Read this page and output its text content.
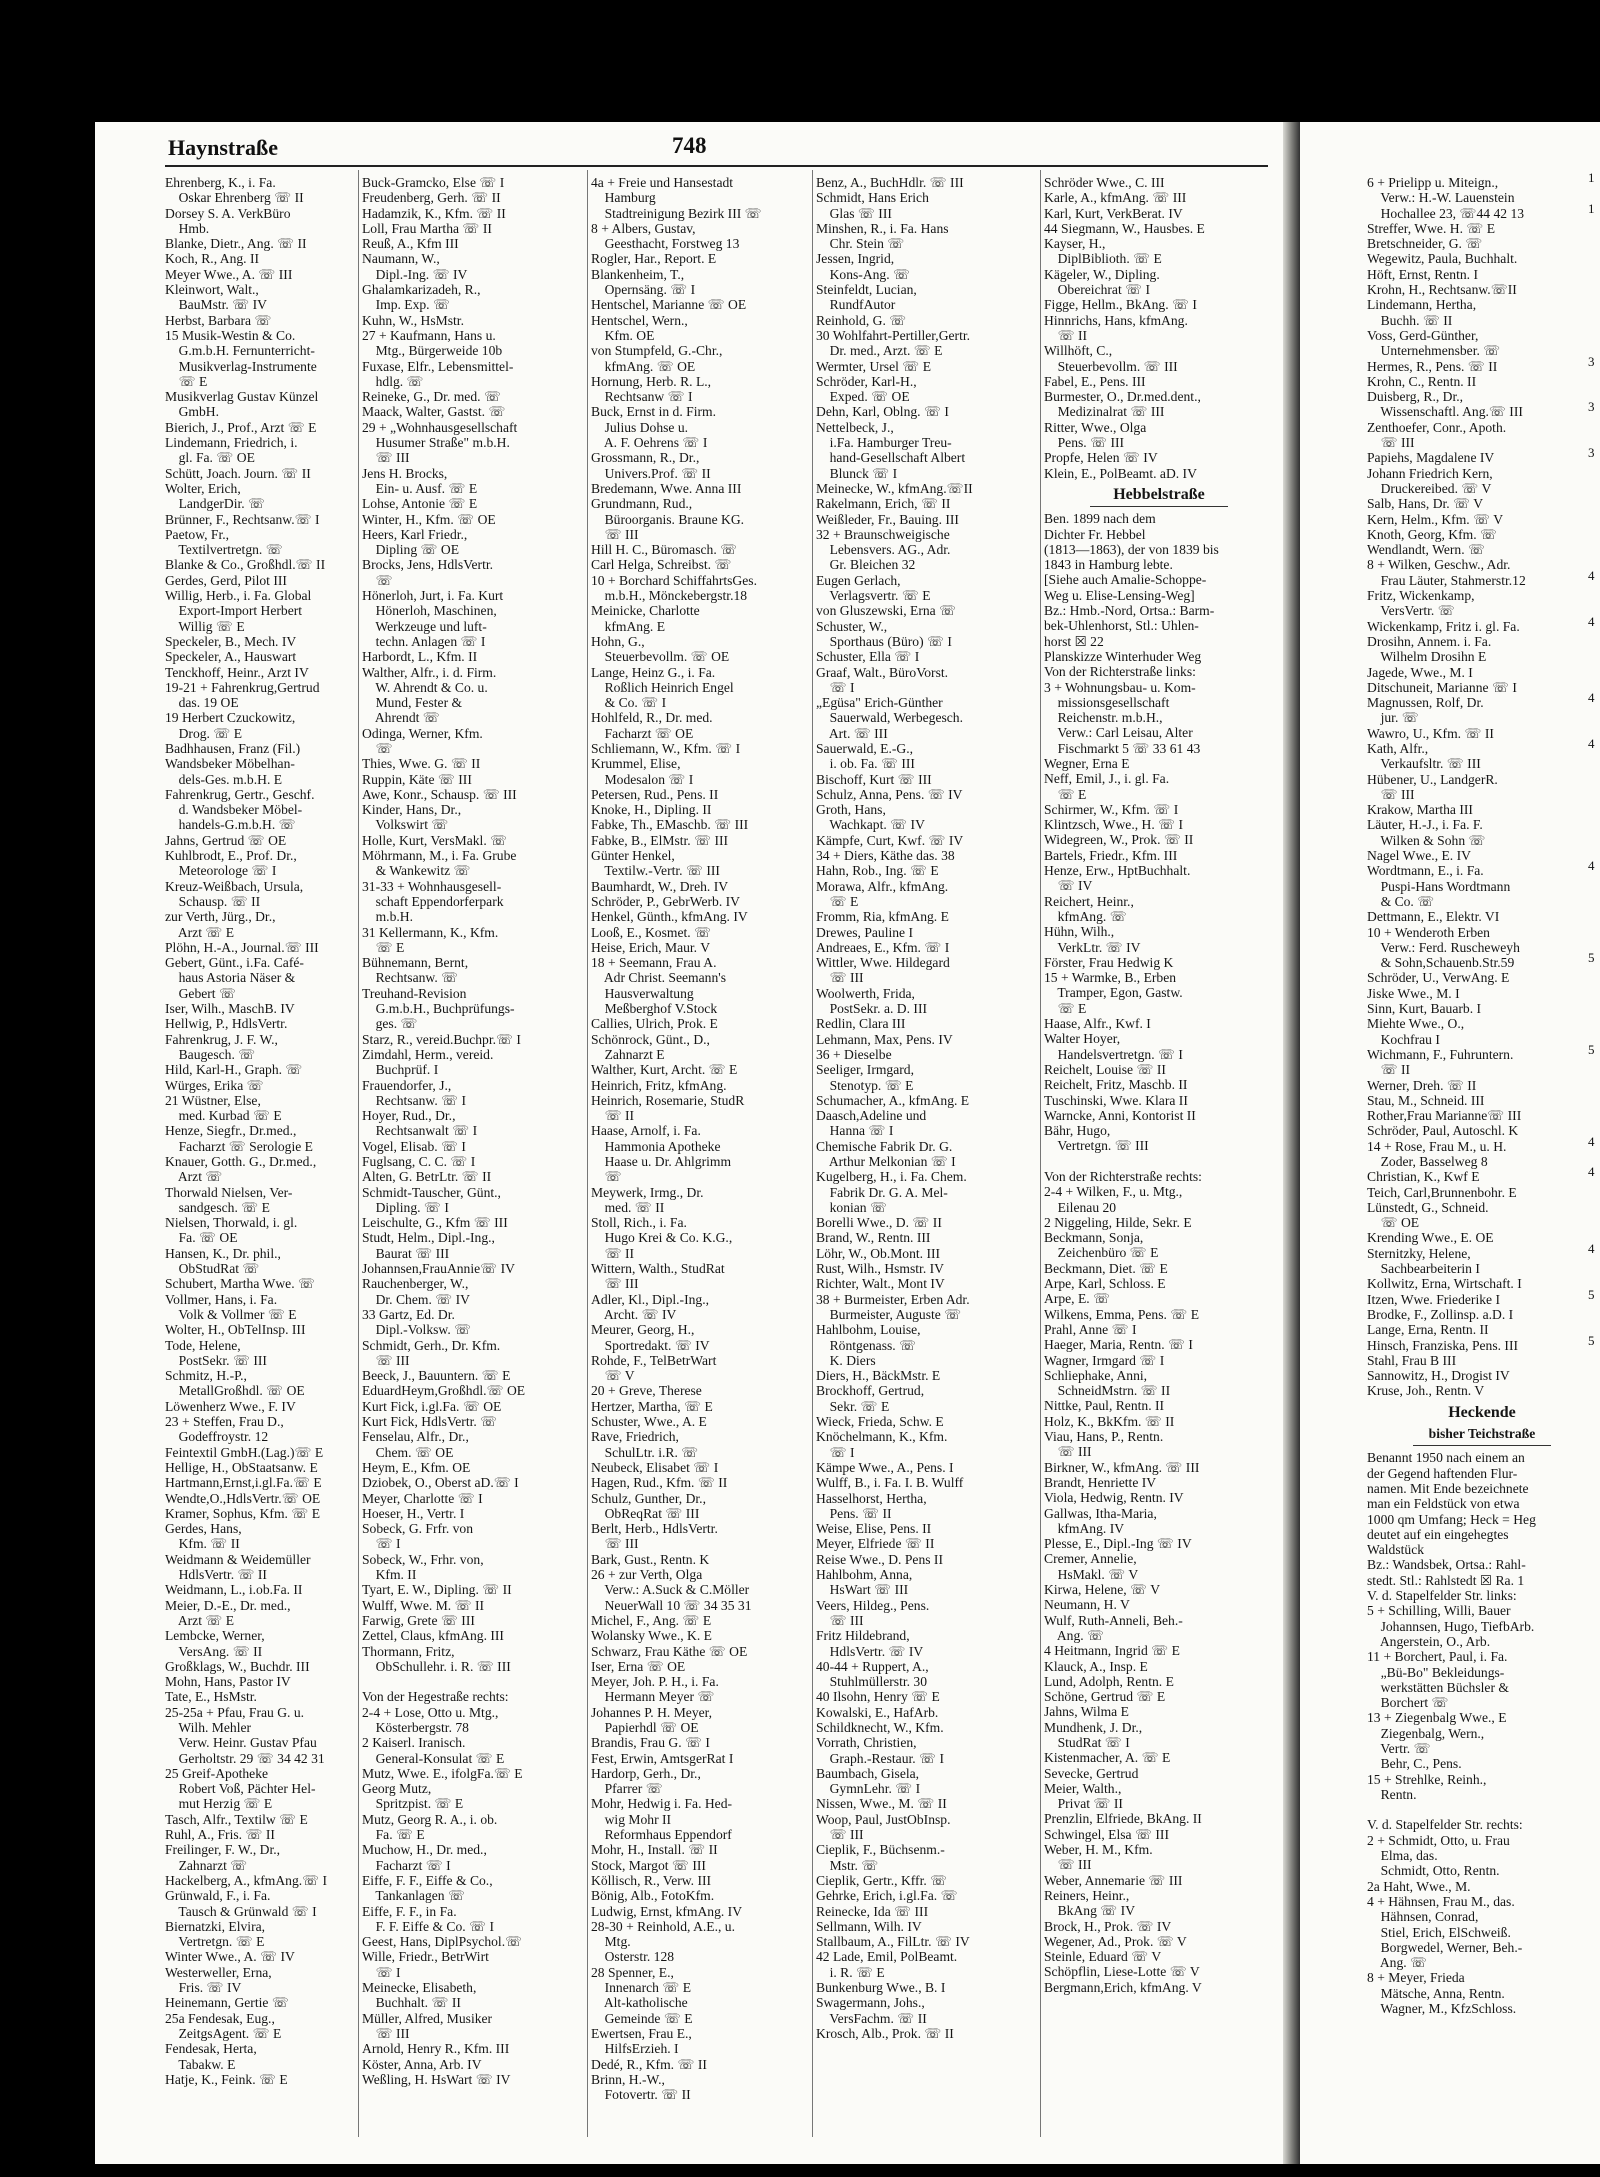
Haynstraße	748
Ehrenberg, K., i. Fa.
Oskar Ehrenberg ☏ II
Dorsey S. A. VerkBüro
Hmb.
Blanke, Dietr., Ang. ☏ II
Koch, R., Ang. II
Meyer Wwe., A. ☏ III
Kleinwort, Walt.,
BauMstr. ☏ IV
Herbst, Barbara ☏
15 Musik-Westin & Co.
G.m.b.H. Fernunterricht-
Musikverlag-Instrumente
☏ E
Musikverlag Gustav Künzel
GmbH.
Bierich, J., Prof., Arzt ☏ E
Lindemann, Friedrich, i.
gl. Fa. ☏ OE
Schütt, Joach. Journ. ☏ II
Wolter, Erich,
LandgerDir. ☏
Brünner, F., Rechtsanw.☏ I
Paetow, Fr.,
Textilvertretgn. ☏
Blanke & Co., Großhdl.☏ II
Gerdes, Gerd, Pilot III
Willig, Herb., i. Fa. Global
Export-Import Herbert
Willig ☏ E
Speckeler, B., Mech. IV
Speckeler, A., Hauswart
Tenckhoff, Heinr., Arzt IV
19-21 + Fahrenkrug,Gertrud
das. 19 OE
19 Herbert Czuckowitz,
Drog. ☏ E
Badhhausen, Franz (Fil.)
Wandsbeker Möbelhan-
dels-Ges. m.b.H. E
Fahrenkrug, Gertr., Geschf.
d. Wandsbeker Möbel-
handels-G.m.b.H. ☏
Jahns, Gertrud ☏ OE
Kuhlbrodt, E., Prof. Dr.,
Meteorologe ☏ I
Kreuz-Weißbach, Ursula,
Schausp. ☏ II
zur Verth, Jürg., Dr.,
Arzt ☏ E
Plöhn, H.-A., Journal.☏ III
Gebert, Günt., i.Fa. Café-
haus Astoria Näser &
Gebert ☏
Iser, Wilh., MaschB. IV
Hellwig, P., HdlsVertr.
Fahrenkrug, J. F. W.,
Baugesch. ☏
Hild, Karl-H., Graph. ☏
Würges, Erika ☏
21 Wüstner, Else,
med. Kurbad ☏ E
Henze, Siegfr., Dr.med.,
Facharzt ☏ Serologie E
Knauer, Gotth. G., Dr.med.,
Arzt ☏
Thorwald Nielsen, Ver-
sandgesch. ☏ E
Nielsen, Thorwald, i. gl.
Fa. ☏ OE
Hansen, K., Dr. phil.,
ObStudRat ☏
Schubert, Martha Wwe. ☏
Vollmer, Hans, i. Fa.
Volk & Vollmer ☏ E
Wolter, H., ObTelInsp. III
Tode, Helene,
PostSekr. ☏ III
Schmitz, H.-P.,
MetallGroßhdl. ☏ OE
Löwenherz Wwe., F. IV
23 + Steffen, Frau D.,
Godeffroystr. 12
Feintextil GmbH.(Lag.)☏ E
Hellige, H., ObStaatsanw. E
Hartmann,Ernst,i.gl.Fa.☏ E
Wendte,O.,HdlsVertr.☏ OE
Kramer, Sophus, Kfm. ☏ E
Gerdes, Hans,
Kfm. ☏ II
Weidmann & Weidemüller
HdlsVertr. ☏ II
Weidmann, L., i.ob.Fa. II
Meier, D.-E., Dr. med.,
Arzt ☏ E
Lembcke, Werner,
VersAng. ☏ II
Großklags, W., Buchdr. III
Mohn, Hans, Pastor IV
Tate, E., HsMstr.
25-25a + Pfau, Frau G. u.
Wilh. Mehler
Verw. Heinr. Gustav Pfau
Gerholtstr. 29 ☏ 34 42 31
25 Greif-Apotheke
Robert Voß, Pächter Hel-
mut Herzig ☏ E
Tasch, Alfr., Textilw ☏ E
Ruhl, A., Fris. ☏ II
Freilinger, F. W., Dr.,
Zahnarzt ☏
Hackelberg, A., kfmAng.☏ I
Grünwald, F., i. Fa.
Tausch & Grünwald ☏ I
Biernatzki, Elvira,
Vertretgn. ☏ E
Winter Wwe., A. ☏ IV
Westerweller, Erna,
Fris. ☏ IV
Heinemann, Gertie ☏
25a Fendesak, Eug.,
ZeitgsAgent. ☏ E
Fendesak, Herta,
Tabakw. E
Hatje, K., Feink. ☏ E
Buck-Gramcko, Else ☏ I
Freudenberg, Gerh. ☏ II
Hadamzik, K., Kfm. ☏ II
Loll, Frau Martha ☏ II
Reuß, A., Kfm III
Naumann, W.,
Dipl.-Ing. ☏ IV
Ghalamkarizadeh, R.,
Imp. Exp. ☏
Kuhn, W., HsMstr.
27 + Kaufmann, Hans u.
Mtg., Bürgerweide 10b
Fuxase, Elfr., Lebensmittel-
hdlg. ☏
Reineke, G., Dr. med. ☏
Maack, Walter, Gastst. ☏
29 + „Wohnhausgesellschaft
Husumer Straße" m.b.H.
☏ III
Jens H. Brocks,
Ein- u. Ausf. ☏ E
Lohse, Antonie ☏ E
Winter, H., Kfm. ☏ OE
Heers, Karl Friedr.,
Dipling ☏ OE
Brocks, Jens, HdlsVertr.
☏
Hönerloh, Jurt, i. Fa. Kurt
Hönerloh, Maschinen,
Werkzeuge und luft-
techn. Anlagen ☏ I
Harbordt, L., Kfm. II
Walther, Alfr., i. d. Firm.
W. Ahrendt & Co. u.
Mund, Fester &
Ahrendt ☏
Odinga, Werner, Kfm.
☏
Thies, Wwe. G. ☏ II
Ruppin, Käte ☏ III
Awe, Konr., Schausp. ☏ III
Kinder, Hans, Dr.,
Volkswirt ☏
Holle, Kurt, VersMakl. ☏
Möhrmann, M., i. Fa. Grube
& Wankewitz ☏
31-33 + Wohnhausgesell-
schaft Eppendorferpark
m.b.H.
31 Kellermann, K., Kfm.
☏ E
Bühnemann, Bernt,
Rechtsanw. ☏
Treuhand-Revision
G.m.b.H., Buchprüfungs-
ges. ☏
Starz, R., vereid.Buchpr.☏ I
Zimdahl, Herm., vereid.
Buchprüf. I
Frauendorfer, J.,
Rechtsanw. ☏ I
Hoyer, Rud., Dr.,
Rechtsanwalt ☏ I
Vogel, Elisab. ☏ I
Fuglsang, C. C. ☏ I
Alten, G. BetrLtr. ☏ II
Schmidt-Tauscher, Günt.,
Dipling. ☏ I
Leischulte, G., Kfm ☏ III
Studt, Helm., Dipl.-Ing.,
Baurat ☏ III
Johannsen,FrauAnnie☏ IV
Rauchenberger, W.,
Dr. Chem. ☏ IV
33 Gartz, Ed. Dr.
Dipl.-Volksw. ☏
Schmidt, Gerh., Dr. Kfm.
☏ III
Beeck, J., Bauuntern. ☏ E
EduardHeym,Großhdl.☏ OE
Kurt Fick, i.gl.Fa. ☏ OE
Kurt Fick, HdlsVertr. ☏
Fenselau, Alfr., Dr.,
Chem. ☏ OE
Heym, E., Kfm. OE
Dziobek, O., Oberst aD.☏ I
Meyer, Charlotte ☏ I
Hoeser, H., Vertr. I
Sobeck, G. Frfr. von
☏ I
Sobeck, W., Frhr. von,
Kfm. II
Tyart, E. W., Dipling. ☏ II
Wulff, Wwe. M. ☏ II
Farwig, Grete ☏ III
Zettel, Claus, kfmAng. III
Thormann, Fritz,
ObSchullehr. i. R. ☏ III

Von der Hegestraße rechts:
2-4 + Lose, Otto u. Mtg.,
Kösterbergstr. 78
2 Kaiserl. Iranisch.
General-Konsulat ☏ E
Mutz, Wwe. E., ifolgFa.☏ E
Georg Mutz,
Spritzpist. ☏ E
Mutz, Georg R. A., i. ob.
Fa. ☏ E
Muchow, H., Dr. med.,
Facharzt ☏ I
Eiffe, F. F., Eiffe & Co.,
Tankanlagen ☏
Eiffe, F. F., in Fa.
F. F. Eiffe & Co. ☏ I
Geest, Hans, DiplPsychol.☏
Wille, Friedr., BetrWirt
☏ I
Meinecke, Elisabeth,
Buchhalt. ☏ II
Müller, Alfred, Musiker
☏ III
Arnold, Henry R., Kfm. III
Köster, Anna, Arb. IV
Weßling, H. HsWart ☏ IV
4a + Freie und Hansestadt
Hamburg
Stadtreinigung Bezirk III ☏
8 + Albers, Gustav,
Geesthacht, Forstweg 13
Rogler, Har., Report. E
Blankenheim, T.,
Opernsäng. ☏ I
Hentschel, Marianne ☏ OE
Hentschel, Wern.,
Kfm. OE
von Stumpfeld, G.-Chr.,
kfmAng. ☏ OE
Hornung, Herb. R. L.,
Rechtsanw ☏ I
Buck, Ernst in d. Firm.
Julius Dohse u.
A. F. Oehrens ☏ I
Grossmann, R., Dr.,
Univers.Prof. ☏ II
Bredemann, Wwe. Anna III
Grundmann, Rud.,
Büroorganis. Braune KG.
☏ III
Hill H. C., Büromasch. ☏
Carl Helga, Schreibst. ☏
10 + Borchard SchiffahrtsGes.
m.b.H., Mönckebergstr.18
Meinicke, Charlotte
kfmAng. E
Hohn, G.,
Steuerbevollm. ☏ OE
Lange, Heinz G., i. Fa.
Roßlich Heinrich Engel
& Co. ☏ I
Hohlfeld, R., Dr. med.
Facharzt ☏ OE
Schliemann, W., Kfm. ☏ I
Krummel, Elise,
Modesalon ☏ I
Petersen, Rud., Pens. II
Knoke, H., Dipling. II
Fabke, Th., EMaschb. ☏ III
Fabke, B., ElMstr. ☏ III
Günter Henkel,
Textilw.-Vertr. ☏ III
Baumhardt, W., Dreh. IV
Schröder, P., GebrWerb. IV
Henkel, Günth., kfmAng. IV
Looß, E., Kosmet. ☏
Heise, Erich, Maur. V
18 + Seemann, Frau A.
Adr Christ. Seemann's
Hausverwaltung
Meßberghof V.Stock
Callies, Ulrich, Prok. E
Schönrock, Günt., D.,
Zahnarzt E
Walther, Kurt, Archt. ☏ E
Heinrich, Fritz, kfmAng.
Heinrich, Rosemarie, StudR
☏ II
Haase, Arnolf, i. Fa.
Hammonia Apotheke
Haase u. Dr. Ahlgrimm
☏
Meywerk, Irmg., Dr.
med. ☏ II
Stoll, Rich., i. Fa.
Hugo Krei & Co. K.G.,
☏ II
Wittern, Walth., StudRat
☏ III
Adler, Kl., Dipl.-Ing.,
Archt. ☏ IV
Meurer, Georg, H.,
Sportredakt. ☏ IV
Rohde, F., TelBetrWart
☏ V
20 + Greve, Therese
Hertzer, Martha, ☏ E
Schuster, Wwe., A. E
Rave, Friedrich,
SchulLtr. i.R. ☏
Neubeck, Elisabet ☏ I
Hagen, Rud., Kfm. ☏ II
Schulz, Gunther, Dr.,
ObReqRat ☏ III
Berlt, Herb., HdlsVertr.
☏ III
Bark, Gust., Rentn. K
26 + zur Verth, Olga
Verw.: A.Suck & C.Möller
NeuerWall 10 ☏ 34 35 31
Michel, F., Ang. ☏ E
Wolansky Wwe., K. E
Schwarz, Frau Käthe ☏ OE
Iser, Erna ☏ OE
Meyer, Joh. P. H., i. Fa.
Hermann Meyer ☏
Johannes P. H. Meyer,
Papierhdl ☏ OE
Brandis, Frau G. ☏ I
Fest, Erwin, AmtsgerRat I
Hardorp, Gerh., Dr.,
Pfarrer ☏
Mohr, Hedwig i. Fa. Hed-
wig Mohr II
Reformhaus Eppendorf
Mohr, H., Install. ☏ II
Stock, Margot ☏ III
Köllisch, R., Verw. III
Bönig, Alb., FotoKfm.
Ludwig, Ernst, kfmAng. IV
28-30 + Reinhold, A.E., u.
Mtg.
Osterstr. 128
28 Spenner, E.,
Innenarch ☏ E
Alt-katholische
Gemeinde ☏ E
Ewertsen, Frau E.,
HilfsErzieh. I
Dedé, R., Kfm. ☏ II
Brinn, H.-W.,
Fotovertr. ☏ II
Benz, A., BuchHdlr. ☏ III
Schmidt, Hans Erich
Glas ☏ III
Minshen, R., i. Fa. Hans
Chr. Stein ☏
Jessen, Ingrid,
Kons-Ang. ☏
Steinfeldt, Lucian,
RundfAutor
Reinhold, G. ☏
30 Wohlfahrt-Pertiller,Gertr.
Dr. med., Arzt. ☏ E
Wermter, Ursel ☏ E
Schröder, Karl-H.,
Exped. ☏ OE
Dehn, Karl, Oblng. ☏ I
Nettelbeck, J.,
i.Fa. Hamburger Treu-
hand-Gesellschaft Albert
Blunck ☏ I
Meinecke, W., kfmAng.☏II
Rakelmann, Erich, ☏ II
Weißleder, Fr., Bauing. III
32 + Braunschweigische
Lebensvers. AG., Adr.
Gr. Bleichen 32
Eugen Gerlach,
Verlagsvertr. ☏ E
von Gluszewski, Erna ☏
Schuster, W.,
Sporthaus (Büro) ☏ I
Schuster, Ella ☏ I
Graaf, Walt., BüroVorst.
☏ I
„Egüsa" Erich-Günther
Sauerwald, Werbegesch.
Art. ☏ III
Sauerwald, E.-G.,
i. ob. Fa. ☏ III
Bischoff, Kurt ☏ III
Schulz, Anna, Pens. ☏ IV
Groth, Hans,
Wachkapt. ☏ IV
Kämpfe, Curt, Kwf. ☏ IV
34 + Diers, Käthe das. 38
Hahn, Rob., Ing. ☏ E
Morawa, Alfr., kfmAng.
☏ E
Fromm, Ria, kfmAng. E
Drewes, Pauline I
Andreaes, E., Kfm. ☏ I
Wittler, Wwe. Hildegard
☏ III
Woolwerth, Frida,
PostSekr. a. D. III
Redlin, Clara III
Lehmann, Max, Pens. IV
36 + Dieselbe
Seeliger, Irmgard,
Stenotyp. ☏ E
Schumacher, A., kfmAng. E
Daasch,Adeline und
Hanna ☏ I
Chemische Fabrik Dr. G.
Arthur Melkonian ☏ I
Kugelberg, H., i. Fa. Chem.
Fabrik Dr. G. A. Mel-
konian ☏
Borelli Wwe., D. ☏ II
Brand, W., Rentn. III
Löhr, W., Ob.Mont. III
Rust, Wilh., Hsmstr. IV
Richter, Walt., Mont IV
38 + Burmeister, Erben Adr.
Burmeister, Auguste ☏
Hahlbohm, Louise,
Röntgenass. ☏
K. Diers
Diers, H., BäckMstr. E
Brockhoff, Gertrud,
Sekr. ☏ E
Wieck, Frieda, Schw. E
Knöchelmann, K., Kfm.
☏ I
Kämpe Wwe., A., Pens. I
Wulff, B., i. Fa. I. B. Wulff
Hasselhorst, Hertha,
Pens. ☏ II
Weise, Elise, Pens. II
Meyer, Elfriede ☏ II
Reise Wwe., D. Pens II
Hahlbohm, Anna,
HsWart ☏ III
Veers, Hildeg., Pens.
☏ III
Fritz Hildebrand,
HdlsVertr. ☏ IV
40-44 + Ruppert, A.,
Stuhlmüllerstr. 30
40 Ilsohn, Henry ☏ E
Kowalski, E., HafArb.
Schildknecht, W., Kfm.
Vorrath, Christien,
Graph.-Restaur. ☏ I
Baumbach, Gisela,
GymnLehr. ☏ I
Nissen, Wwe., M. ☏ II
Woop, Paul, JustObInsp.
☏ III
Cieplik, F., Büchsenm.-
Mstr. ☏
Cieplik, Gertr., Kffr. ☏
Gehrke, Erich, i.gl.Fa. ☏
Reinecke, Ida ☏ III
Sellmann, Wilh. IV
Stallbaum, A., FilLtr. ☏ IV
42 Lade, Emil, PolBeamt.
i. R. ☏ E
Bunkenburg Wwe., B. I
Swagermann, Johs.,
VersFachm. ☏ II
Krosch, Alb., Prok. ☏ II
Schröder Wwe., C. III
Karle, A., kfmAng. ☏ III
Karl, Kurt, VerkBerat. IV
44 Siegmann, W., Hausbes. E
Kayser, H.,
DiplBiblioth. ☏ E
Kägeler, W., Dipling.
Obereichrat ☏ I
Figge, Hellm., BkAng. ☏ I
Hinnrichs, Hans, kfmAng.
☏ II
Willhöft, C.,
Steuerbevollm. ☏ III
Fabel, E., Pens. III
Burmester, O., Dr.med.dent.,
Medizinalrat ☏ III
Ritter, Wwe., Olga
Pens. ☏ III
Propfe, Helen ☏ IV
Klein, E., PolBeamt. aD. IV
Hebbelstraße
Ben. 1899 nach dem
Dichter Fr. Hebbel
(1813—1863), der von 1839 bis
1843 in Hamburg lebte.
[Siehe auch Amalie-Schoppe-
Weg u. Elise-Lensing-Weg]
Bz.: Hmb.-Nord, Ortsa.: Barm-
bek-Uhlenhorst, Stl.: Uhlen-
horst ☒ 22
Planskizze Winterhuder Weg
Von der Richterstraße links:
3 + Wohnungsbau- u. Kom-
missionsgesellschaft
Reichenstr. m.b.H.,
Verw.: Carl Leisau, Alter
Fischmarkt 5 ☏ 33 61 43
Wegner, Erna E
Neff, Emil, J., i. gl. Fa.
☏ E
Schirmer, W., Kfm. ☏ I
Klintzsch, Wwe., H. ☏ I
Widegreen, W., Prok. ☏ II
Bartels, Friedr., Kfm. III
Henze, Erw., HptBuchhalt.
☏ IV
Reichert, Heinr.,
kfmAng. ☏
Hühn, Wilh.,
VerkLtr. ☏ IV
Förster, Frau Hedwig K
15 + Warmke, B., Erben
Tramper, Egon, Gastw.
☏ E
Haase, Alfr., Kwf. I
Walter Hoyer,
Handelsvertretgn. ☏ I
Reichelt, Louise ☏ II
Reichelt, Fritz, Maschb. II
Tuschinski, Wwe. Klara II
Warncke, Anni, Kontorist II
Bähr, Hugo,
Vertretgn. ☏ III

Von der Richterstraße rechts:
2-4 + Wilken, F., u. Mtg.,
Eilenau 20
2 Niggeling, Hilde, Sekr. E
Beckmann, Sonja,
Zeichenbüro ☏ E
Beckmann, Diet. ☏ E
Arpe, Karl, Schloss. E
Arpe, E. ☏
Wilkens, Emma, Pens. ☏ E
Prahl, Anne ☏ I
Haeger, Maria, Rentn. ☏ I
Wagner, Irmgard ☏ I
Schliephake, Anni,
SchneidMstrn. ☏ II
Nittke, Paul, Rentn. II
Holz, K., BkKfm. ☏ II
Viau, Hans, P., Rentn.
☏ III
Birkner, W., kfmAng. ☏ III
Brandt, Henriette IV
Viola, Hedwig, Rentn. IV
Gallwas, Itha-Maria,
kfmAng. IV
Plesse, E., Dipl.-Ing ☏ IV
Cremer, Annelie,
HsMakl. ☏ V
Kirwa, Helene, ☏ V
Neumann, H. V
Wulf, Ruth-Anneli, Beh.-
Ang. ☏
4 Heitmann, Ingrid ☏ E
Klauck, A., Insp. E
Lund, Adolph, Rentn. E
Schöne, Gertrud ☏ E
Jahns, Wilma E
Mundhenk, J. Dr.,
StudRat ☏ I
Kistenmacher, A. ☏ E
Sevecke, Gertrud
Meier, Walth.,
Privat ☏ II
Prenzlin, Elfriede, BkAng. II
Schwingel, Elsa ☏ III
Weber, H. M., Kfm.
☏ III
Weber, Annemarie ☏ III
Reiners, Heinr.,
BkAng ☏ IV
Brock, H., Prok. ☏ IV
Wegener, Ad., Prok. ☏ V
Steinle, Eduard ☏ V
Schöpflin, Liese-Lotte ☏ V
Bergmann,Erich, kfmAng. V
6 + Prielipp u. Miteign.,
Verw.: H.-W. Lauenstein
Hochallee 23, ☏44 42 13
Streffer, Wwe. H. ☏ E
Bretschneider, G. ☏
Wegewitz, Paula, Buchhalt.
Höft, Ernst, Rentn. I
Krohn, H., Rechtsanw.☏II
Lindemann, Hertha,
Buchh. ☏ II
Voss, Gerd-Günther,
Unternehmensber. ☏
Hermes, R., Pens. ☏ II
Krohn, C., Rentn. II
Duisberg, R., Dr.,
Wissenschaftl. Ang.☏ III
Zenthoefer, Conr., Apoth.
☏ III
Papiehs, Magdalene IV
Johann Friedrich Kern,
Druckereibed. ☏ V
Salb, Hans, Dr. ☏ V
Kern, Helm., Kfm. ☏ V
Knoth, Georg, Kfm. ☏
Wendlandt, Wern. ☏
8 + Wilken, Geschw., Adr.
Frau Läuter, Stahmerstr.12
Fritz, Wickenkamp,
VersVertr. ☏
Wickenkamp, Fritz i. gl. Fa.
Drosihn, Annem. i. Fa.
Wilhelm Drosihn E
Jagede, Wwe., M. I
Ditschuneit, Marianne ☏ I
Magnussen, Rolf, Dr.
jur. ☏
Wawro, U., Kfm. ☏ II
Kath, Alfr.,
Verkaufsltr. ☏ III
Hübener, U., LandgerR.
☏ III
Krakow, Martha III
Läuter, H.-J., i. Fa. F.
Wilken & Sohn ☏
Nagel Wwe., E. IV
Wordtmann, E., i. Fa.
Puspi-Hans Wordtmann
& Co. ☏
Dettmann, E., Elektr. VI
10 + Wenderoth Erben
Verw.: Ferd. Ruscheweyh
& Sohn,Schauenb.Str.59
Schröder, U., VerwAng. E
Jiske Wwe., M. I
Sinn, Kurt, Bauarb. I
Miehte Wwe., O.,
Kochfrau I
Wichmann, F., Fuhruntern.
☏ II
Werner, Dreh. ☏ II
Stau, M., Schneid. III
Rother,Frau Marianne☏ III
Schröder, Paul, Autoschl. K
14 + Rose, Frau M., u. H.
Zoder, Basselweg 8
Christian, K., Kwf E
Teich, Carl,Brunnenbohr. E
Lünstedt, G., Schneid.
☏ OE
Krending Wwe., E. OE
Sternitzky, Helene,
Sachbearbeiterin I
Kollwitz, Erna, Wirtschaft. I
Itzen, Wwe. Friederike I
Brodke, F., Zollinsp. a.D. I
Lange, Erna, Rentn. II
Hinsch, Franziska, Pens. III
Stahl, Frau B III
Sannowitz, H., Drogist IV
Kruse, Joh., Rentn. V
Heckende
bisher Teichstraße
Benannt 1950 nach einem an
der Gegend haftenden Flur-
namen. Mit Ende bezeichnete
man ein Feldstück von etwa
1000 qm Umfang; Heck = Heg
deutet auf ein eingehegtes
Waldstück
Bz.: Wandsbek, Ortsa.: Rahl-
stedt. Stl.: Rahlstedt ☒ Ra. 1
V. d. Stapelfelder Str. links:
5 + Schilling, Willi, Bauer
Johannsen, Hugo, TiefbArb.
Angerstein, O., Arb.
11 + Borchert, Paul, i. Fa.
„Bü-Bo" Bekleidungs-
werkstätten Büchsler &
Borchert ☏
13 + Ziegenbalg Wwe., E
Ziegenbalg, Wern.,
Vertr. ☏
Behr, C., Pens.
15 + Strehlke, Reinh.,
Rentn.

V. d. Stapelfelder Str. rechts:
2 + Schmidt, Otto, u. Frau
Elma, das.
Schmidt, Otto, Rentn.
2a Haht, Wwe., M.
4 + Hähnsen, Frau M., das.
Hähnsen, Conrad,
Stiel, Erich, ElSchweiß.
Borgwedel, Werner, Beh.-
Ang. ☏
8 + Meyer, Frieda
Mätsche, Anna, Rentn.
Wagner, M., KfzSchloss.
1

1

3

3

3

4

4

4

4

4

5

5

4

4

4

5

5
